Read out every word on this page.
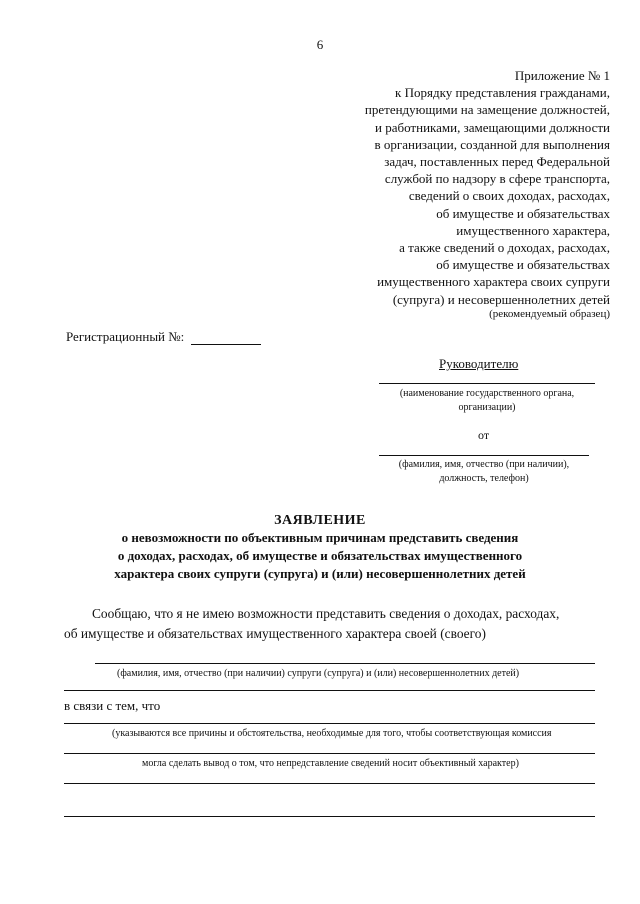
6
Приложение № 1
к Порядку представления гражданами,
претендующими на замещение должностей,
и работниками, замещающими должности
в организации, созданной для выполнения
задач, поставленных перед Федеральной
службой по надзору в сфере транспорта,
сведений о своих доходах, расходах,
об имуществе и обязательствах
имущественного характера,
а также сведений о доходах, расходах,
об имуществе и обязательствах
имущественного характера своих супруги
(супруга) и несовершеннолетних детей
(рекомендуемый образец)
Регистрационный №:
Руководителю
(наименование государственного органа,
организации)
от
(фамилия, имя, отчество (при наличии),
должность, телефон)
ЗАЯВЛЕНИЕ
о невозможности по объективным причинам представить сведения
о доходах, расходах, об имуществе и обязательствах имущественного
характера своих супруги (супруга) и (или) несовершеннолетних детей
Сообщаю, что я не имею возможности представить сведения о доходах, расходах,
об имуществе и обязательствах имущественного характера своей (своего)
(фамилия, имя, отчество (при наличии) супруги (супруга) и (или) несовершеннолетних детей)
в связи с тем, что
(указываются все причины и обстоятельства, необходимые для того, чтобы соответствующая комиссия
могла сделать вывод о том, что непредставление сведений носит объективный характер)
